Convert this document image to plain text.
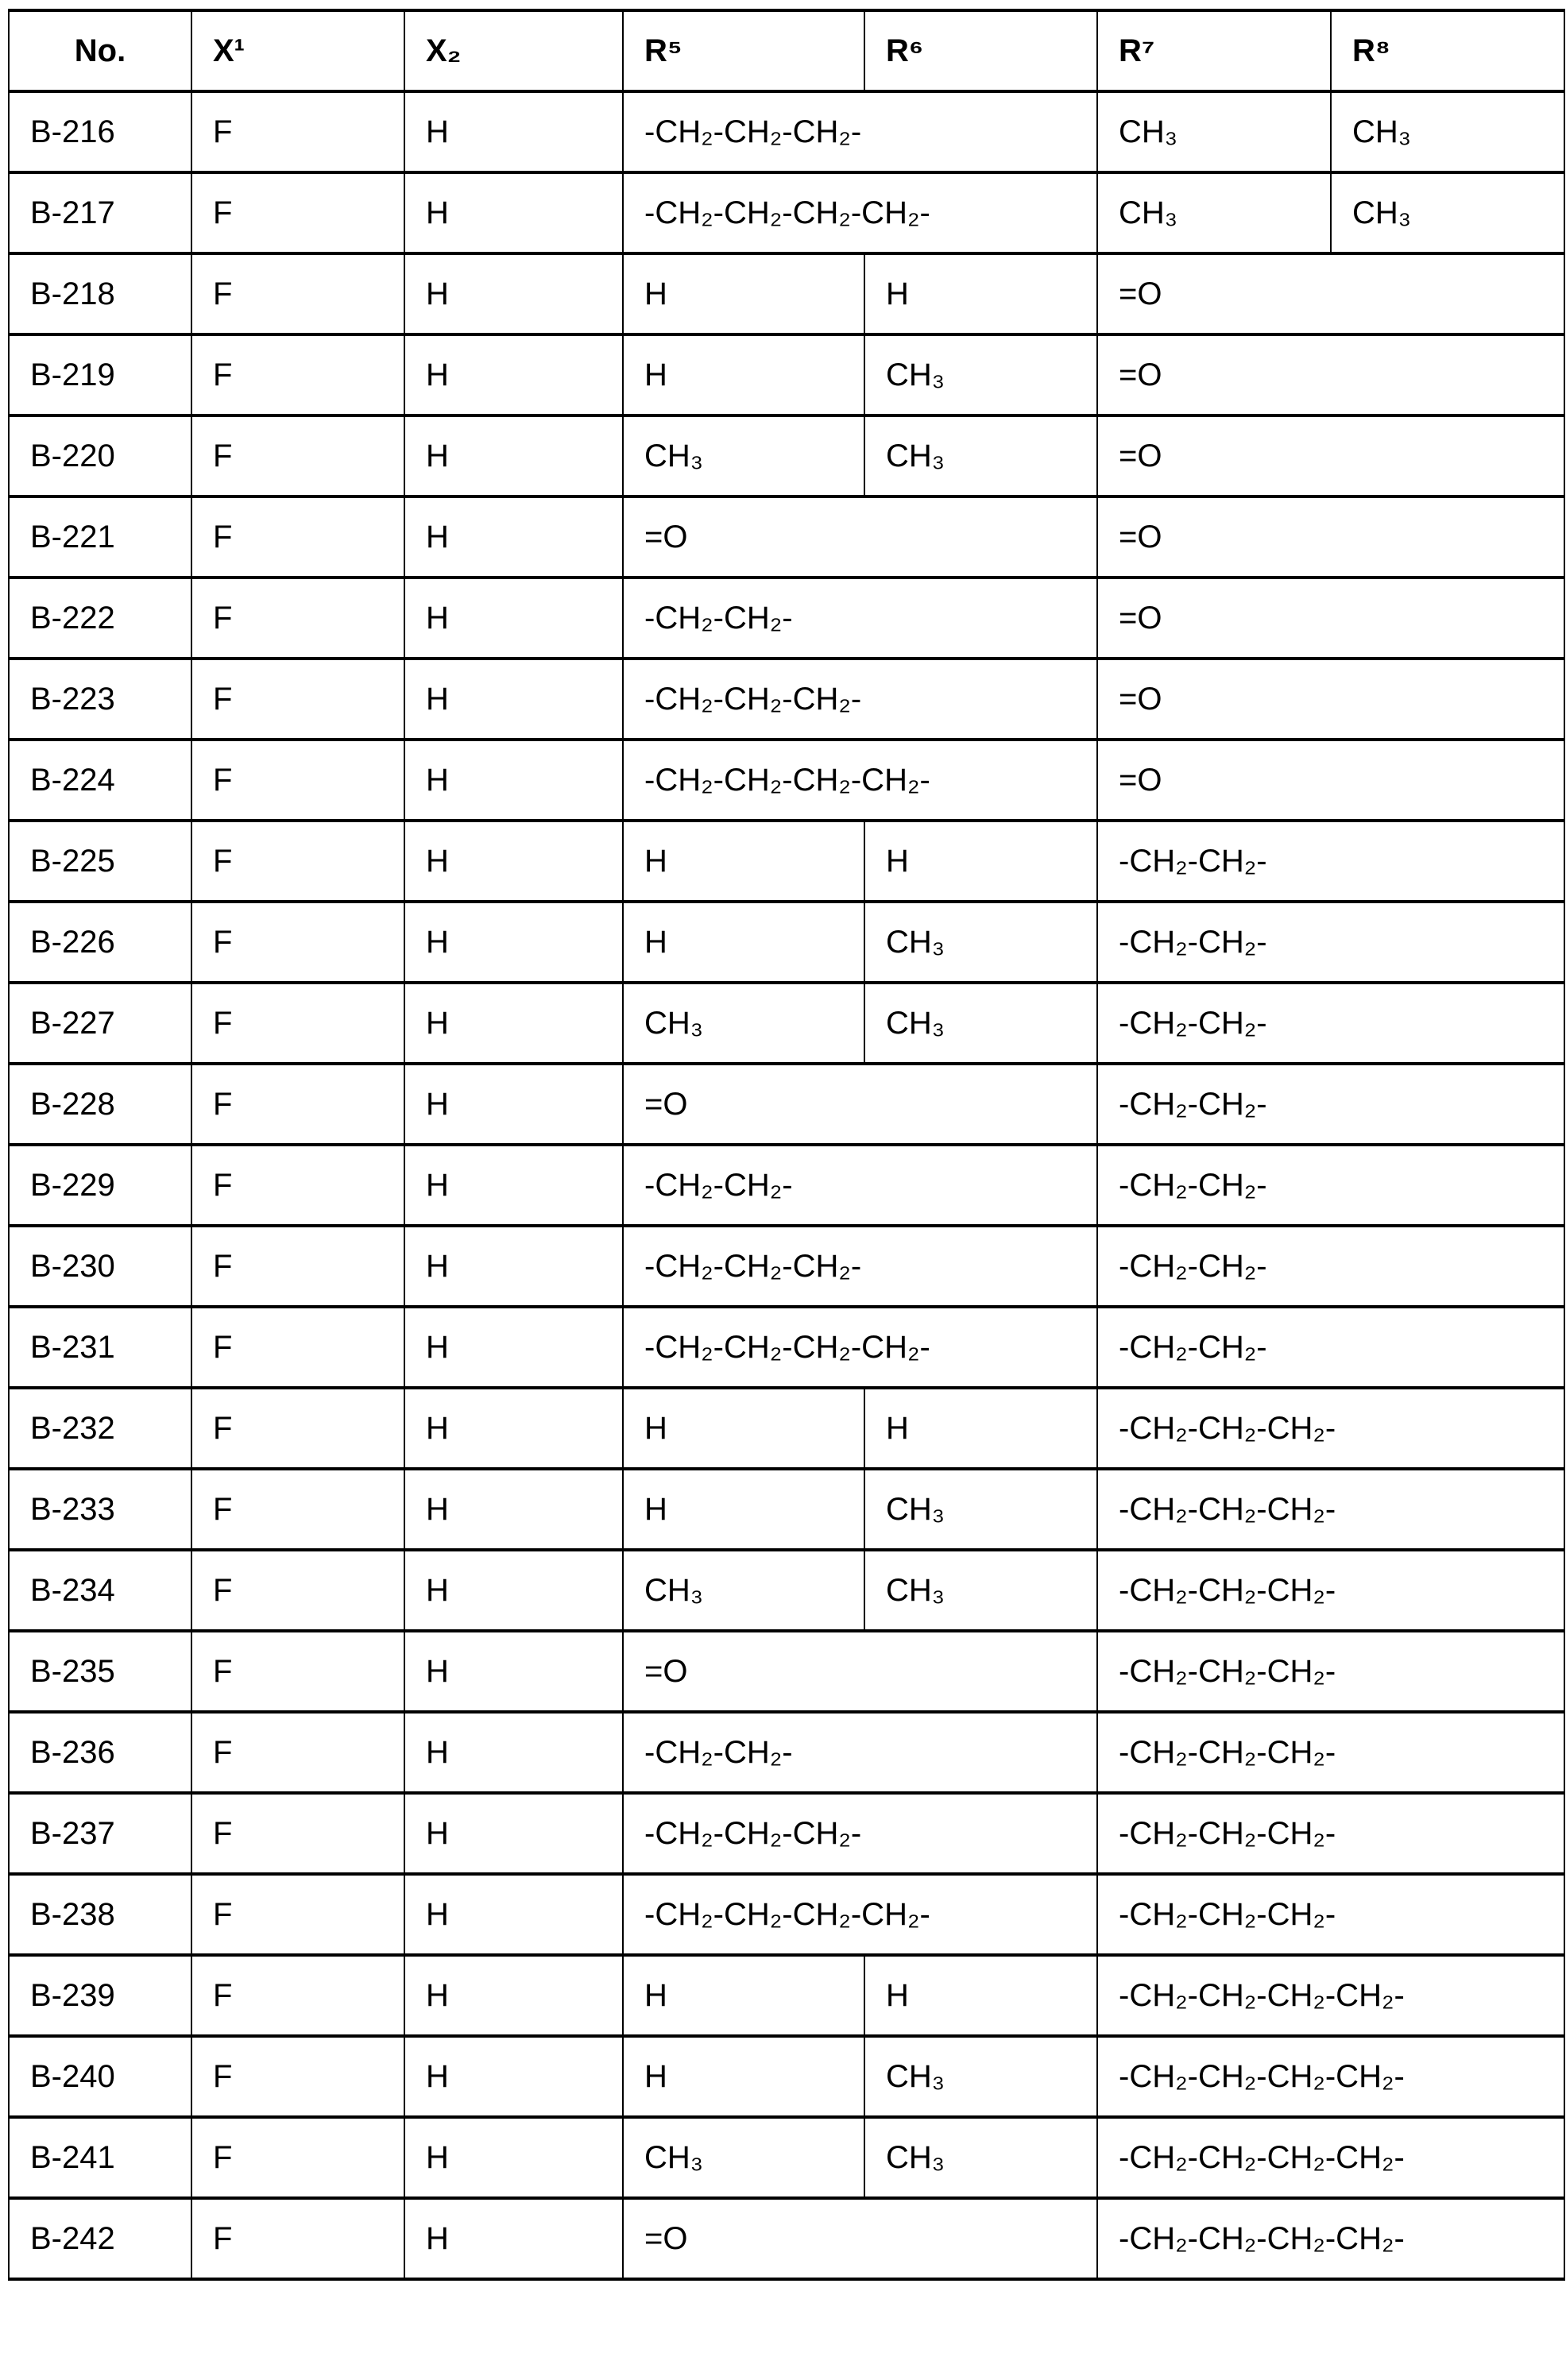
No.	X¹	X₂	R⁵	R⁶	R⁷	R⁸
B-216	F	H	-CH₂-CH₂-CH₂-	CH₃	CH₃
B-217	F	H	-CH₂-CH₂-CH₂-CH₂-	CH₃	CH₃
B-218	F	H	H	H	=O
B-219	F	H	H	CH₃	=O
B-220	F	H	CH₃	CH₃	=O
B-221	F	H	=O	=O
B-222	F	H	-CH₂-CH₂-	=O
B-223	F	H	-CH₂-CH₂-CH₂-	=O
B-224	F	H	-CH₂-CH₂-CH₂-CH₂-	=O
B-225	F	H	H	H	-CH₂-CH₂-
B-226	F	H	H	CH₃	-CH₂-CH₂-
B-227	F	H	CH₃	CH₃	-CH₂-CH₂-
B-228	F	H	=O	-CH₂-CH₂-
B-229	F	H	-CH₂-CH₂-	-CH₂-CH₂-
B-230	F	H	-CH₂-CH₂-CH₂-	-CH₂-CH₂-
B-231	F	H	-CH₂-CH₂-CH₂-CH₂-	-CH₂-CH₂-
B-232	F	H	H	H	-CH₂-CH₂-CH₂-
B-233	F	H	H	CH₃	-CH₂-CH₂-CH₂-
B-234	F	H	CH₃	CH₃	-CH₂-CH₂-CH₂-
B-235	F	H	=O	-CH₂-CH₂-CH₂-
B-236	F	H	-CH₂-CH₂-	-CH₂-CH₂-CH₂-
B-237	F	H	-CH₂-CH₂-CH₂-	-CH₂-CH₂-CH₂-
B-238	F	H	-CH₂-CH₂-CH₂-CH₂-	-CH₂-CH₂-CH₂-
B-239	F	H	H	H	-CH₂-CH₂-CH₂-CH₂-
B-240	F	H	H	CH₃	-CH₂-CH₂-CH₂-CH₂-
B-241	F	H	CH₃	CH₃	-CH₂-CH₂-CH₂-CH₂-
B-242	F	H	=O	-CH₂-CH₂-CH₂-CH₂-
